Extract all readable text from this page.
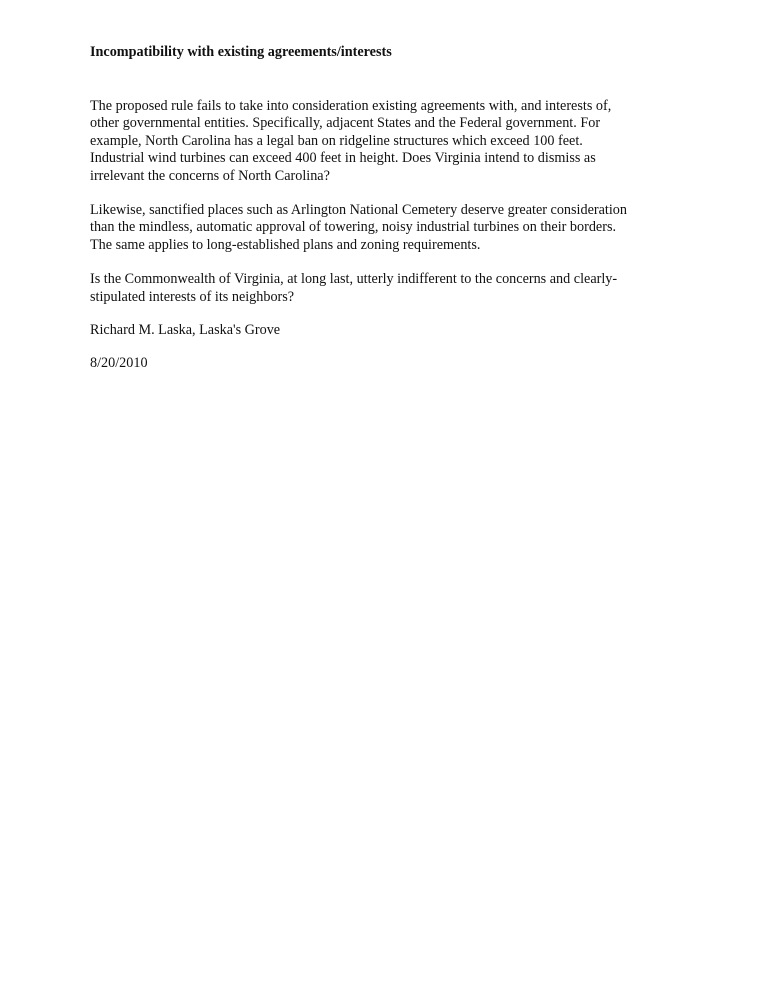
Incompatibility with existing agreements/interests

The proposed rule fails to take into consideration existing agreements with, and interests of,
other governmental entities. Specifically, adjacent States and the Federal government. For
example, North Carolina has a legal ban on ridgeline structures which exceed 100 feet.
Industrial wind turbines can exceed 400 feet in height. Does Virginia intend to dismiss as
irrelevant the concerns of North Carolina?

Likewise, sanctified places such as Arlington National Cemetery deserve greater consideration
than the mindless, automatic approval of towering, noisy industrial turbines on their borders.
The same applies to long-established plans and zoning requirements.

Is the Commonwealth of Virginia, at long last, utterly indifferent to the concerns and clearly-
stipulated interests of its neighbors?

Richard M. Laska, Laska's Grove

8/20/2010
